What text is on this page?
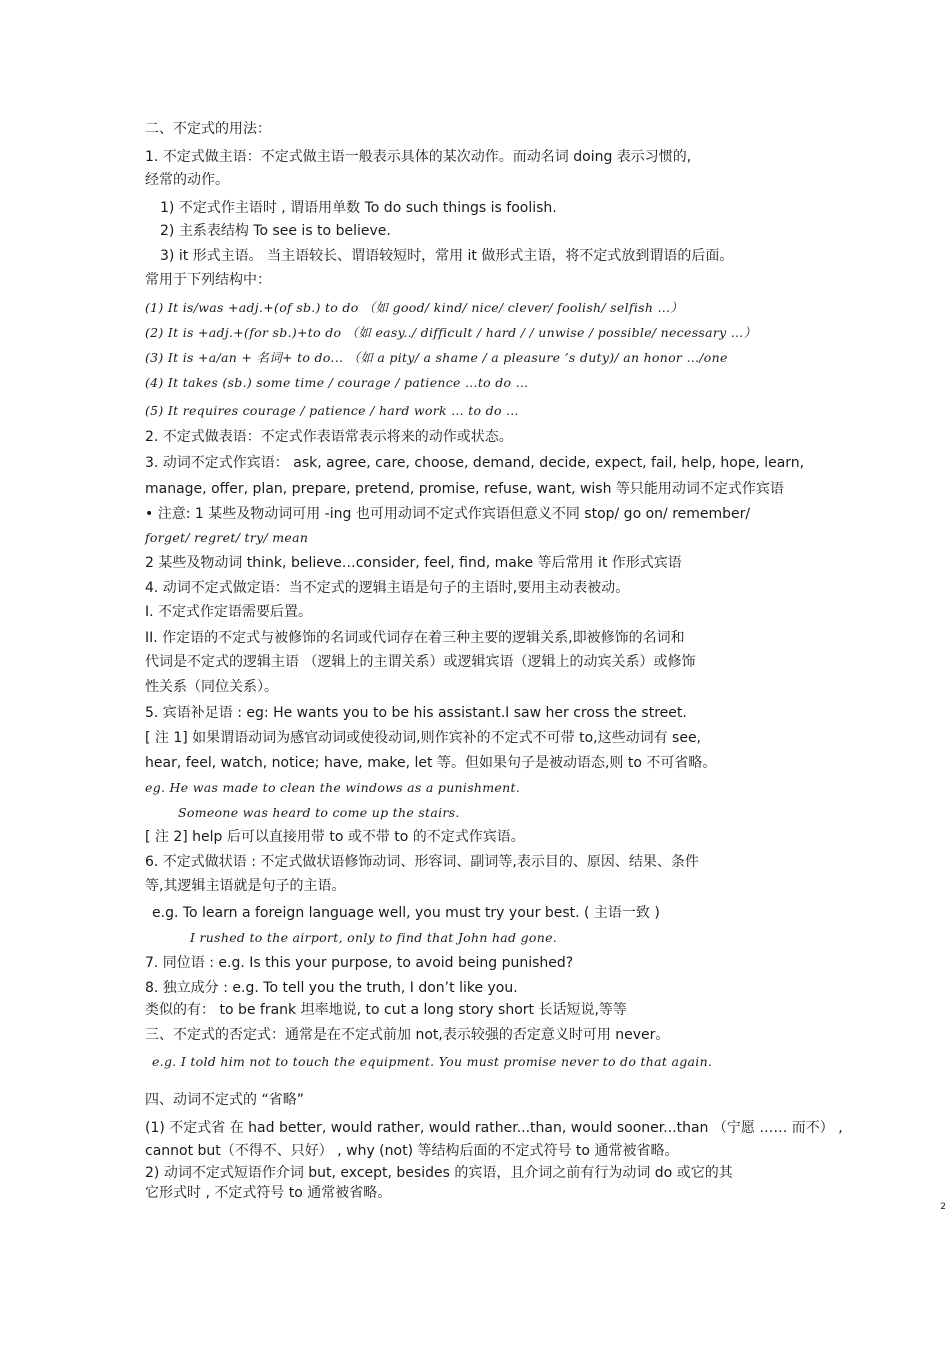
二、不定式的用法：
1. 不定式做主语：不定式做主语一般表示具体的某次动作。而动名词 doing 表示习惯的,
经常的动作。
1) 不定式作主语时 , 谓语用单数 To do such things is foolish.
2) 主系表结构 To see is to believe.
3) it 形式主语。 当主语较长、谓语较短时，常用 it 做形式主语，将不定式放到谓语的后面。
常用于下列结构中：
(1) It is/was +adj.+(of sb.) to do （如 good/ kind/ nice/ clever/ foolish/ selfish …）
(2) It is +adj.+(for sb.)+to do （如 easy../ difficult / hard / / unwise / possible/ necessary …）
(3) It is +a/an + 名词+ to do... （如 a pity/ a shame / a pleasure ’s duty)/ an honor …/one
(4) It takes (sb.) some time / courage / patience …to do …
(5) It requires courage / patience / hard work … to do …
2. 不定式做表语：不定式作表语常表示将来的动作或状态。
3. 动词不定式作宾语： ask, agree, care, choose, demand, decide, expect, fail, help, hope, learn,
manage, offer, plan, prepare, pretend, promise, refuse, want, wish 等只能用动词不定式作宾语
• 注意: 1 某些及物动词可用 -ing 也可用动词不定式作宾语但意义不同 stop/ go on/ remember/
forget/ regret/ try/ mean
2 某些及物动词 think, believe…consider, feel, find, make 等后常用 it 作形式宾语
4. 动词不定式做定语：当不定式的逻辑主语是句子的主语时,要用主动表被动。
I. 不定式作定语需要后置。
II. 作定语的不定式与被修饰的名词或代词存在着三种主要的逻辑关系,即被修饰的名词和
代词是不定式的逻辑主语 （逻辑上的主谓关系）或逻辑宾语（逻辑上的动宾关系）或修饰
性关系（同位关系）。
5. 宾语补足语 : eg: He wants you to be his assistant.I saw her cross the street.
[ 注 1] 如果谓语动词为感官动词或使役动词,则作宾补的不定式不可带 to,这些动词有 see,
hear, feel, watch, notice; have, make, let 等。但如果句子是被动语态,则 to 不可省略。
eg. He was made to clean the windows as a punishment.
Someone was heard to come up the stairs.
[ 注 2] help 后可以直接用带 to 或不带 to 的不定式作宾语。
6. 不定式做状语 : 不定式做状语修饰动词、形容词、副词等,表示目的、原因、结果、条件
等,其逻辑主语就是句子的主语。
e.g. To learn a foreign language well, you must try your best. ( 主语一致 )
I rushed to the airport, only to find that John had gone.
7. 同位语 : e.g. Is this your purpose, to avoid being punished?
8. 独立成分 : e.g. To tell you the truth, I don’t like you.
类似的有： to be frank 坦率地说, to cut a long story short 长话短说,等等
三、不定式的否定式：通常是在不定式前加 not,表示较强的否定意义时可用 never。
e.g. I told him not to touch the equipment. You must promise never to do that again.
四、动词不定式的 “省略”
(1) 不定式省 在 had better, would rather, would rather...than, would sooner...than （宁愿 …… 而不） ,
cannot but（不得不、只好） , why (not) 等结构后面的不定式符号 to 通常被省略。
2) 动词不定式短语作介词 but, except, besides 的宾语，且介词之前有行为动词 do 或它的其
它形式时 , 不定式符号 to 通常被省略。
2
